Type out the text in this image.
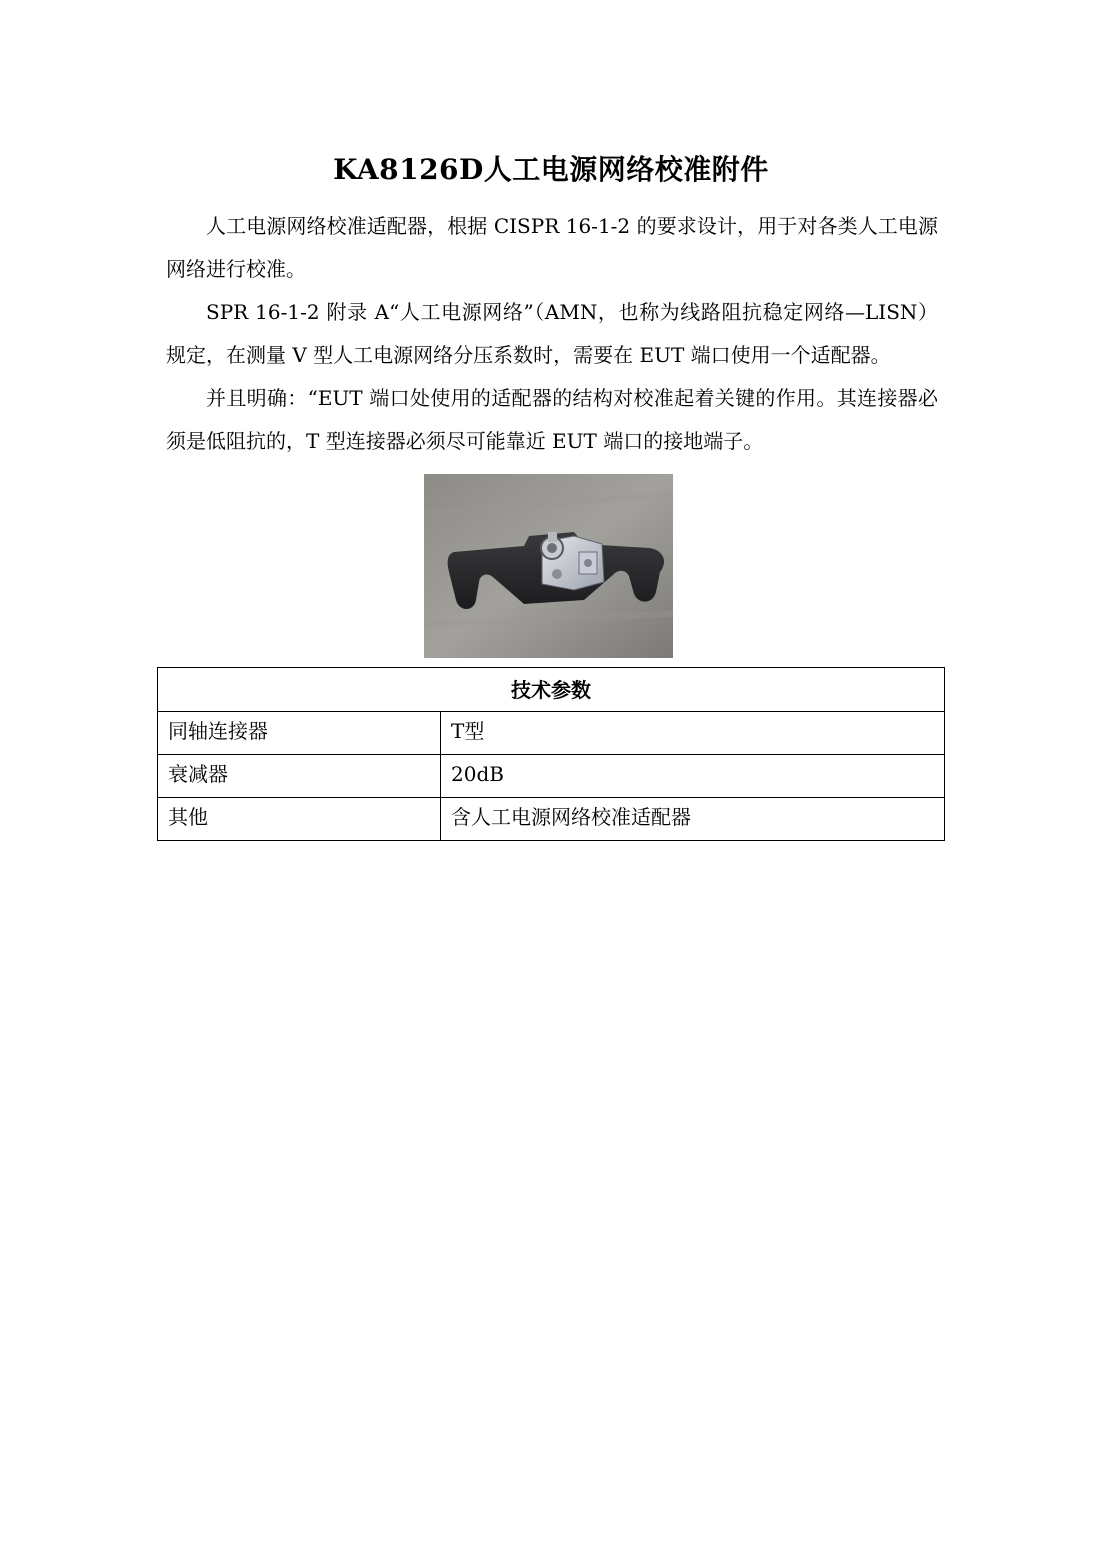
KA8126D人工电源网络校准附件

人工电源网络校准适配器，根据 CISPR 16-1-2 的要求设计，用于对各类人工电源网络进行校准。

SPR 16-1-2 附录 A“人工电源网络”（AMN，也称为线路阻抗稳定网络—LISN）规定，在测量 V 型人工电源网络分压系数时，需要在 EUT 端口使用一个适配器。

并且明确：“EUT 端口处使用的适配器的结构对校准起着关键的作用。其连接器必须是低阻抗的，T 型连接器必须尽可能靠近 EUT 端口的接地端子。

技术参数	
同轴连接器	T型
衰减器	20dB
其他	含人工电源网络校准适配器
